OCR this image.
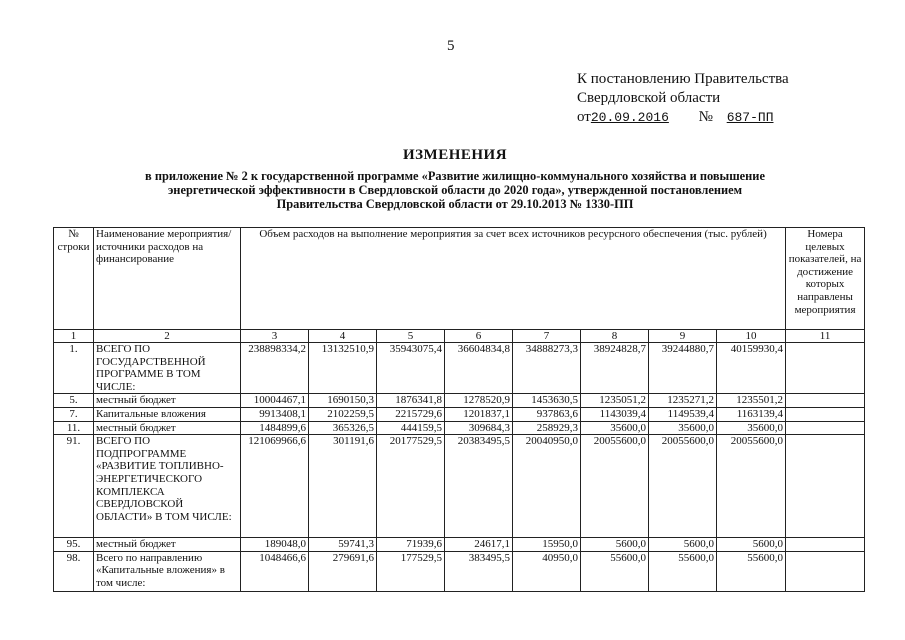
5
К постановлению Правительства
Свердловской области
от20.09.2016 № 687-ПП
ИЗМЕНЕНИЯ
в приложение № 2 к государственной программе «Развитие жилищно-коммунального хозяйства и повышение
энергетической эффективности в Свердловской области до 2020 года», утвержденной постановлением
Правительства Свердловской области от 29.10.2013 № 1330-ПП
№ строки	Наименование мероприятия/источники расходов на финансирование	Объем расходов на выполнение мероприятия за счет всех источников ресурсного обеспечения (тыс. рублей)								Номера целевых показателей, на достижение которых направлены мероприятия
1	2	3	4	5	6	7	8	9	10	11
1.	ВСЕГО ПО ГОСУДАРСТВЕННОЙ ПРОГРАММЕ В ТОМ ЧИСЛЕ:	238898334,2	13132510,9	35943075,4	36604834,8	34888273,3	38924828,7	39244880,7	40159930,4	
5.	местный бюджет	10004467,1	1690150,3	1876341,8	1278520,9	1453630,5	1235051,2	1235271,2	1235501,2	
7.	Капитальные вложения	9913408,1	2102259,5	2215729,6	1201837,1	937863,6	1143039,4	1149539,4	1163139,4	
11.	местный бюджет	1484899,6	365326,5	444159,5	309684,3	258929,3	35600,0	35600,0	35600,0	
91.	ВСЕГО ПО ПОДПРОГРАММЕ «РАЗВИТИЕ ТОПЛИВНО-ЭНЕРГЕТИЧЕСКОГО КОМПЛЕКСА СВЕРДЛОВСКОЙ ОБЛАСТИ» В ТОМ ЧИСЛЕ:	121069966,6	301191,6	20177529,5	20383495,5	20040950,0	20055600,0	20055600,0	20055600,0	
95.	местный бюджет	189048,0	59741,3	71939,6	24617,1	15950,0	5600,0	5600,0	5600,0	
98.	Всего по направлению «Капитальные вложения» в том числе:	1048466,6	279691,6	177529,5	383495,5	40950,0	55600,0	55600,0	55600,0	
